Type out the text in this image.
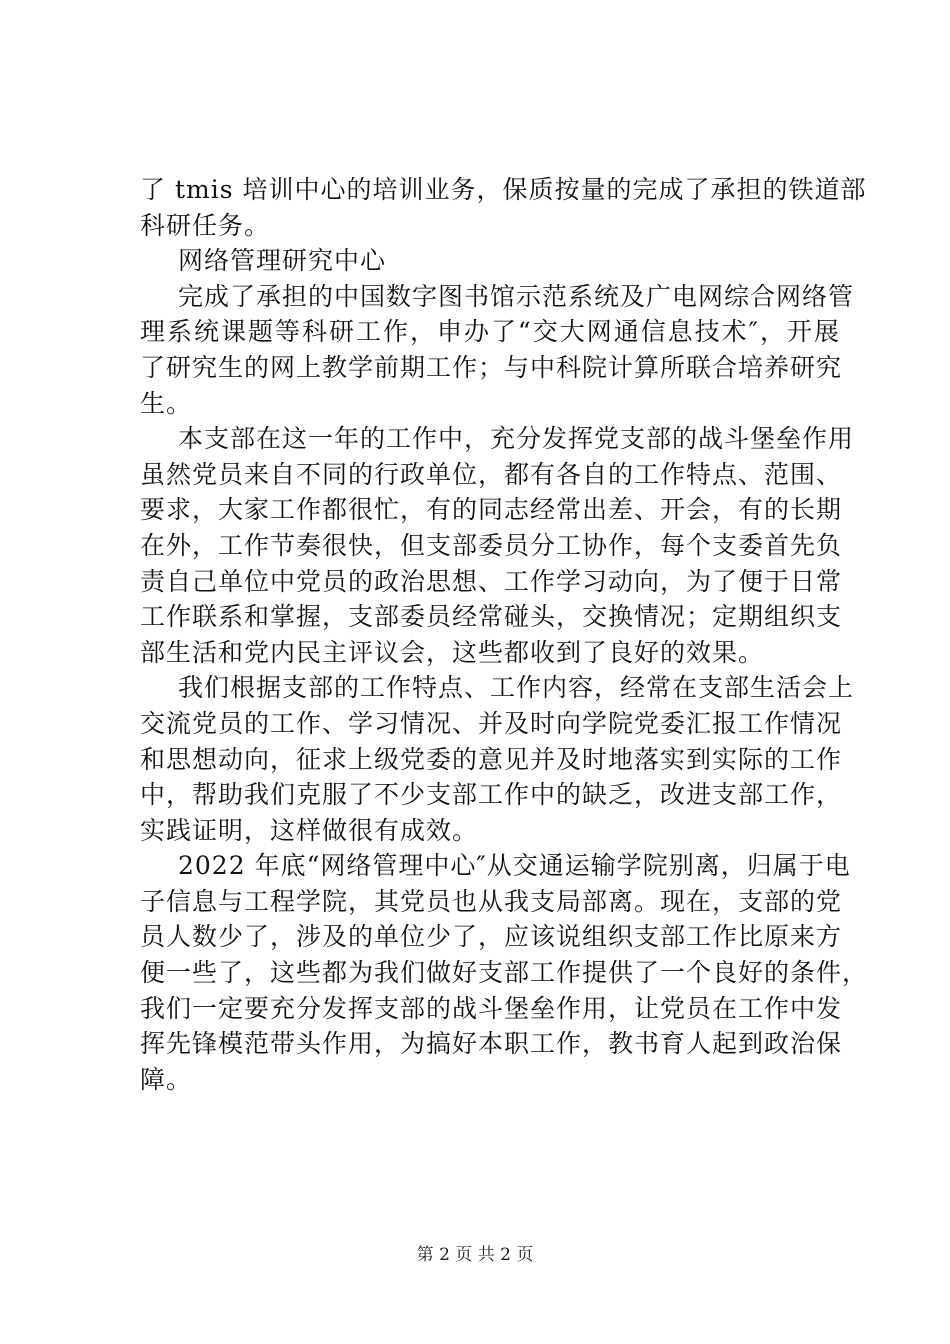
了 tmis 培训中心的培训业务，保质按量的完成了承担的铁道部
科研任务。
网络管理研究中心
完成了承担的中国数字图书馆示范系统及广电网综合网络管
理系统课题等科研工作，申办了“交大网通信息技术″，开展
了研究生的网上教学前期工作；与中科院计算所联合培养研究
生。
本支部在这一年的工作中，充分发挥党支部的战斗堡垒作用
虽然党员来自不同的行政单位，都有各自的工作特点、范围、
要求，大家工作都很忙，有的同志经常出差、开会，有的长期
在外，工作节奏很快，但支部委员分工协作，每个支委首先负
责自己单位中党员的政治思想、工作学习动向，为了便于日常
工作联系和掌握，支部委员经常碰头，交换情况；定期组织支
部生活和党内民主评议会，这些都收到了良好的效果。
我们根据支部的工作特点、工作内容，经常在支部生活会上
交流党员的工作、学习情况、并及时向学院党委汇报工作情况
和思想动向，征求上级党委的意见并及时地落实到实际的工作
中，帮助我们克服了不少支部工作中的缺乏，改进支部工作，
实践证明，这样做很有成效。
2022 年底“网络管理中心″从交通运输学院别离，归属于电
子信息与工程学院，其党员也从我支局部离。现在，支部的党
员人数少了，涉及的单位少了，应该说组织支部工作比原来方
便一些了，这些都为我们做好支部工作提供了一个良好的条件，
我们一定要充分发挥支部的战斗堡垒作用，让党员在工作中发
挥先锋模范带头作用，为搞好本职工作，教书育人起到政治保
障。
第 2 页 共 2 页
